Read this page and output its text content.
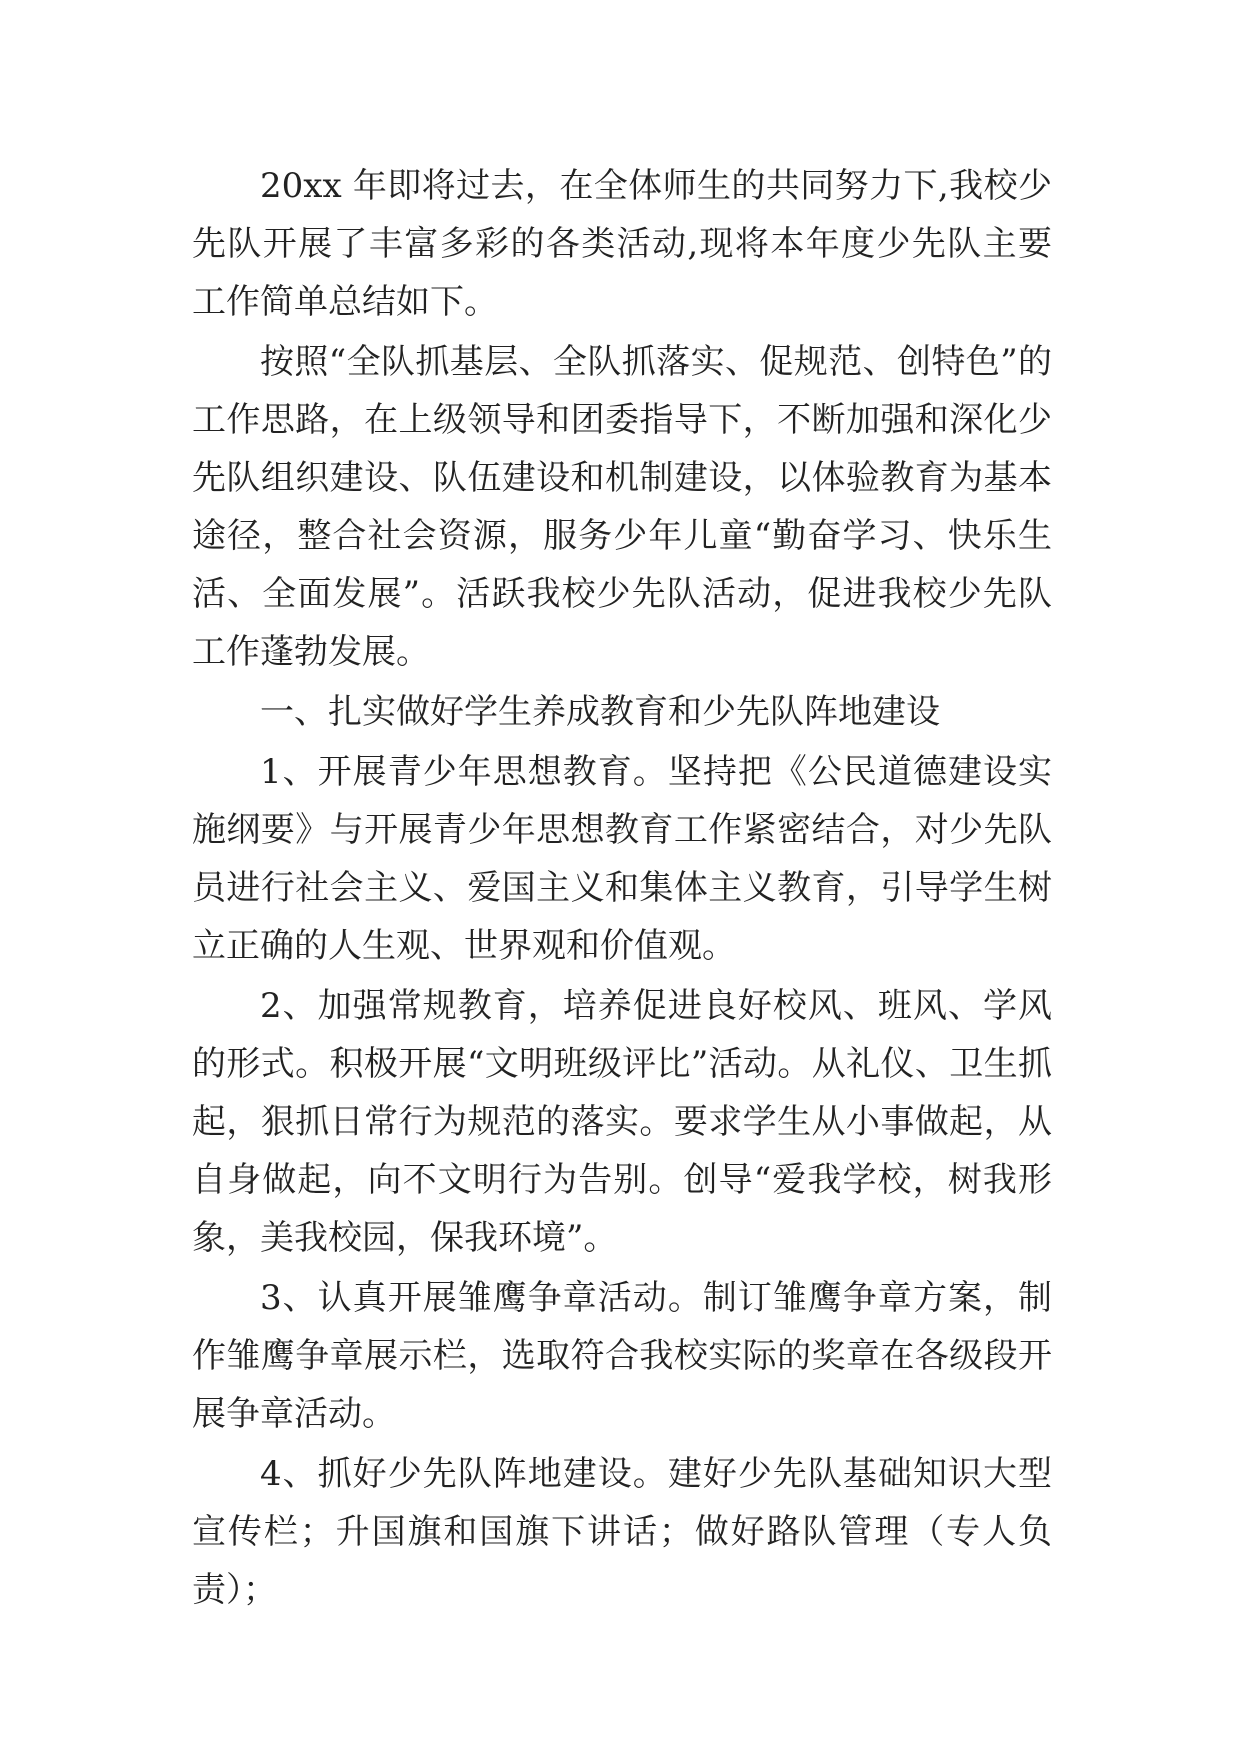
20xx 年即将过去，在全体师生的共同努力下,我校少先队开展了丰富多彩的各类活动,现将本年度少先队主要工作简单总结如下。

按照“全队抓基层、全队抓落实、促规范、创特色”的工作思路，在上级领导和团委指导下，不断加强和深化少先队组织建设、队伍建设和机制建设，以体验教育为基本途径，整合社会资源，服务少年儿童“勤奋学习、快乐生活、全面发展”。活跃我校少先队活动，促进我校少先队工作蓬勃发展。

一、扎实做好学生养成教育和少先队阵地建设

1、开展青少年思想教育。坚持把《公民道德建设实施纲要》与开展青少年思想教育工作紧密结合，对少先队员进行社会主义、爱国主义和集体主义教育，引导学生树立正确的人生观、世界观和价值观。

2、加强常规教育，培养促进良好校风、班风、学风的形式。积极开展“文明班级评比”活动。从礼仪、卫生抓起，狠抓日常行为规范的落实。要求学生从小事做起，从自身做起，向不文明行为告别。创导“爱我学校，树我形象，美我校园，保我环境”。

3、认真开展雏鹰争章活动。制订雏鹰争章方案，制作雏鹰争章展示栏，选取符合我校实际的奖章在各级段开展争章活动。

4、抓好少先队阵地建设。建好少先队基础知识大型宣传栏；升国旗和国旗下讲话；做好路队管理（专人负责）；
